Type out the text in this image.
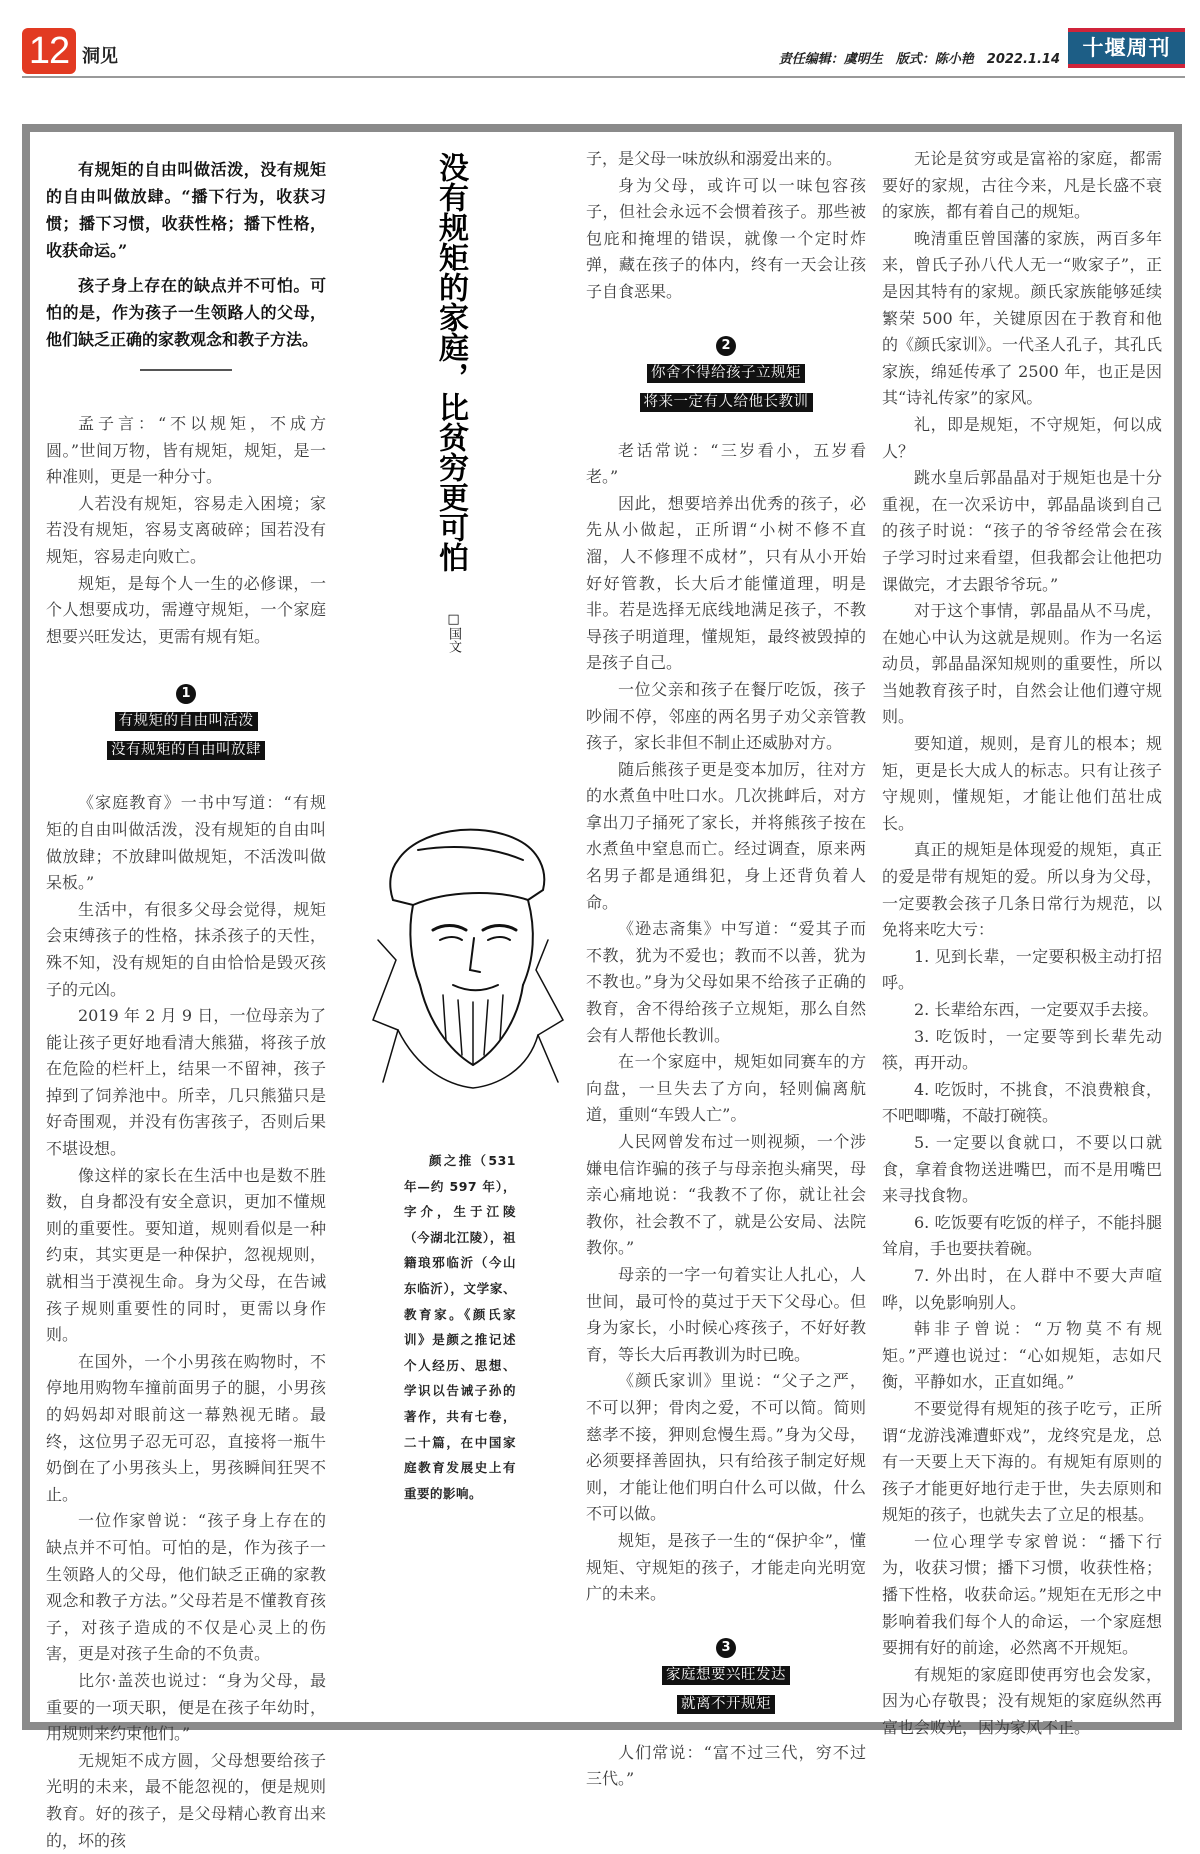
12 洞见	责任编辑：虞明生　版式：陈小艳　2022.1.14	十堰周刊

有规矩的自由叫做活泼，没有规矩的自由叫做放肆。“播下行为，收获习惯；播下习惯，收获性格；播下性格，收获命运。”

孩子身上存在的缺点并不可怕。可怕的是，作为孩子一生领路人的父母，他们缺乏正确的家教观念和教子方法。

孟子言：“不以规矩，不成方圆。”世间万物，皆有规矩，规矩，是一种准则，更是一种分寸。

人若没有规矩，容易走入困境；家若没有规矩，容易支离破碎；国若没有规矩，容易走向败亡。

规矩，是每个人一生的必修课，一个人想要成功，需遵守规矩，一个家庭想要兴旺发达，更需有规有矩。

1
有规矩的自由叫活泼
没有规矩的自由叫放肆

《家庭教育》一书中写道：“有规矩的自由叫做活泼，没有规矩的自由叫做放肆；不放肆叫做规矩，不活泼叫做呆板。”

生活中，有很多父母会觉得，规矩会束缚孩子的性格，抹杀孩子的天性，殊不知，没有规矩的自由恰恰是毁灭孩子的元凶。

2019 年 2 月 9 日，一位母亲为了能让孩子更好地看清大熊猫，将孩子放在危险的栏杆上，结果一不留神，孩子掉到了饲养池中。所幸，几只熊猫只是好奇围观，并没有伤害孩子，否则后果不堪设想。

像这样的家长在生活中也是数不胜数，自身都没有安全意识，更加不懂规则的重要性。要知道，规则看似是一种约束，其实更是一种保护，忽视规则，就相当于漠视生命。身为父母，在告诫孩子规则重要性的同时，更需以身作则。

在国外，一个小男孩在购物时，不停地用购物车撞前面男子的腿，小男孩的妈妈却对眼前这一幕熟视无睹。最终，这位男子忍无可忍，直接将一瓶牛奶倒在了小男孩头上，男孩瞬间狂哭不止。

一位作家曾说：“孩子身上存在的缺点并不可怕。可怕的是，作为孩子一生领路人的父母，他们缺乏正确的家教观念和教子方法。”父母若是不懂教育孩子，对孩子造成的不仅是心灵上的伤害，更是对孩子生命的不负责。

比尔·盖茨也说过：“身为父母，最重要的一项天职，便是在孩子年幼时，用规则来约束他们。”

无规矩不成方圆，父母想要给孩子光明的未来，最不能忽视的，便是规则教育。好的孩子，是父母精心教育出来的，坏的孩

没有规矩的家庭，比贫穷更可怕
□国文
颜之推（531 年—约 597 年），字介，生于江陵（今湖北江陵），祖籍琅邪临沂（今山东临沂），文学家、教育家。《颜氏家训》是颜之推记述个人经历、思想、学识以告诫子孙的著作，共有七卷，二十篇，在中国家庭教育发展史上有重要的影响。

子，是父母一味放纵和溺爱出来的。

身为父母，或许可以一味包容孩子，但社会永远不会惯着孩子。那些被包庇和掩埋的错误，就像一个定时炸弹，藏在孩子的体内，终有一天会让孩子自食恶果。

2
你舍不得给孩子立规矩
将来一定有人给他长教训

老话常说：“三岁看小，五岁看老。”

因此，想要培养出优秀的孩子，必先从小做起，正所谓“小树不修不直溜，人不修理不成材”，只有从小开始好好管教，长大后才能懂道理，明是非。若是选择无底线地满足孩子，不教导孩子明道理，懂规矩，最终被毁掉的是孩子自己。

一位父亲和孩子在餐厅吃饭，孩子吵闹不停，邻座的两名男子劝父亲管教孩子，家长非但不制止还威胁对方。

随后熊孩子更是变本加厉，往对方的水煮鱼中吐口水。几次挑衅后，对方拿出刀子捅死了家长，并将熊孩子按在水煮鱼中窒息而亡。经过调查，原来两名男子都是通缉犯，身上还背负着人命。

《逊志斋集》中写道：“爱其子而不教，犹为不爱也；教而不以善，犹为不教也。”身为父母如果不给孩子正确的教育，舍不得给孩子立规矩，那么自然会有人帮他长教训。

在一个家庭中，规矩如同赛车的方向盘，一旦失去了方向，轻则偏离航道，重则“车毁人亡”。

人民网曾发布过一则视频，一个涉嫌电信诈骗的孩子与母亲抱头痛哭，母亲心痛地说：“我教不了你，就让社会教你，社会教不了，就是公安局、法院教你。”

母亲的一字一句着实让人扎心，人世间，最可怜的莫过于天下父母心。但身为家长，小时候心疼孩子，不好好教育，等长大后再教训为时已晚。

《颜氏家训》里说：“父子之严，不可以狎；骨肉之爱，不可以简。简则慈孝不接，狎则怠慢生焉。”身为父母，必须要择善固执，只有给孩子制定好规则，才能让他们明白什么可以做，什么不可以做。

规矩，是孩子一生的“保护伞”，懂规矩、守规矩的孩子，才能走向光明宽广的未来。

3
家庭想要兴旺发达
就离不开规矩

人们常说：“富不过三代，穷不过三代。”

无论是贫穷或是富裕的家庭，都需要好的家规，古往今来，凡是长盛不衰的家族，都有着自己的规矩。

晚清重臣曾国藩的家族，两百多年来，曾氏子孙八代人无一“败家子”，正是因其特有的家规。颜氏家族能够延续繁荣 500 年，关键原因在于教育和他的《颜氏家训》。一代圣人孔子，其孔氏家族，绵延传承了 2500 年，也正是因其“诗礼传家”的家风。

礼，即是规矩，不守规矩，何以成人？

跳水皇后郭晶晶对于规矩也是十分重视，在一次采访中，郭晶晶谈到自己的孩子时说：“孩子的爷爷经常会在孩子学习时过来看望，但我都会让他把功课做完，才去跟爷爷玩。”

对于这个事情，郭晶晶从不马虎，在她心中认为这就是规则。作为一名运动员，郭晶晶深知规则的重要性，所以当她教育孩子时，自然会让他们遵守规则。

要知道，规则，是育儿的根本；规矩，更是长大成人的标志。只有让孩子守规则，懂规矩，才能让他们茁壮成长。

真正的规矩是体现爱的规矩，真正的爱是带有规矩的爱。所以身为父母，一定要教会孩子几条日常行为规范，以免将来吃大亏：

1. 见到长辈，一定要积极主动打招呼。

2. 长辈给东西，一定要双手去接。

3. 吃饭时，一定要等到长辈先动筷，再开动。

4. 吃饭时，不挑食，不浪费粮食，不吧唧嘴，不敲打碗筷。

5. 一定要以食就口，不要以口就食，拿着食物送进嘴巴，而不是用嘴巴来寻找食物。

6. 吃饭要有吃饭的样子，不能抖腿耸肩，手也要扶着碗。

7. 外出时，在人群中不要大声喧哗，以免影响别人。

韩非子曾说：“万物莫不有规矩。”严遵也说过：“心如规矩，志如尺衡，平静如水，正直如绳。”

不要觉得有规矩的孩子吃亏，正所谓“龙游浅滩遭虾戏”，龙终究是龙，总有一天要上天下海的。有规矩有原则的孩子才能更好地行走于世，失去原则和规矩的孩子，也就失去了立足的根基。

一位心理学专家曾说：“播下行为，收获习惯；播下习惯，收获性格；播下性格，收获命运。”规矩在无形之中影响着我们每个人的命运，一个家庭想要拥有好的前途，必然离不开规矩。

有规矩的家庭即使再穷也会发家，因为心存敬畏；没有规矩的家庭纵然再富也会败光，因为家风不正。
